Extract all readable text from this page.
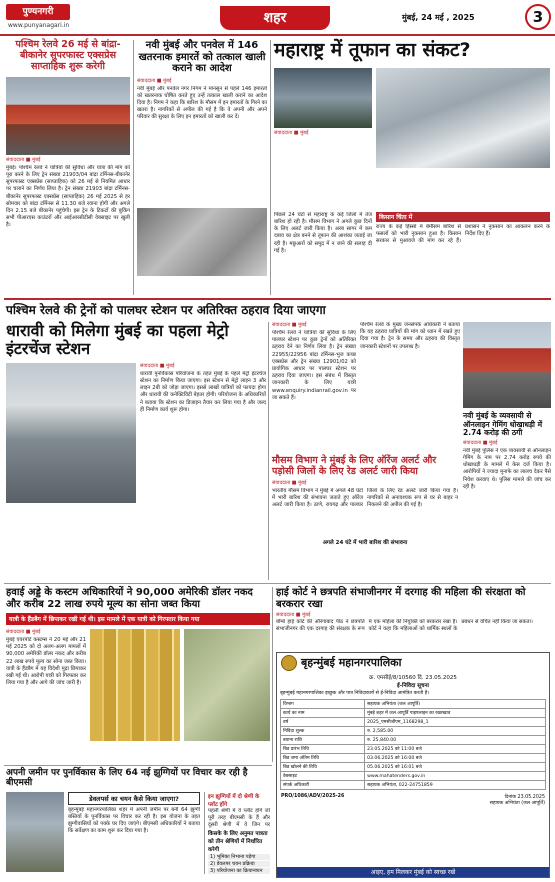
पुण्यनगरी
www.punyanagari.in	शहर	मुंबई, 24 मई , 2025	3
पश्चिम रेलवे 26 मई से बांद्रा-बीकानेर सुपरफास्ट एक्सप्रेस साप्ताहिक शुरू करेगी
संवाददाता ■ मुंबई
मुंबई। पश्चिम रेलवे ने यात्रियों की सुविधा और यात्रा की मांग को पूरा करने के लिए ट्रेन संख्या 21903/04 बांद्रा टर्मिनस-बीकानेर सुपरफास्ट एक्सप्रेस (साप्ताहिक) को 26 मई से नियमित आधार पर चलाने का निर्णय लिया है। ट्रेन संख्या 21903 बांद्रा टर्मिनस-बीकानेर सुपरफास्ट एक्सप्रेस (साप्ताहिक) 26 मई 2025 से हर सोमवार को बांद्रा टर्मिनस से 11.30 बजे रवाना होगी और अगले दिन 2.15 बजे बीकानेर पहुंचेगी। इस ट्रेन के टिकटों की बुकिंग सभी पीआरएस काउंटरों और आईआरसीटीसी वेबसाइट पर खुली है।
नवी मुंबई और पनवेल में 146 खतरनाक इमारतें को तत्काल खाली कराने का आदेश
संवाददाता ■ मुंबई
नवी मुंबई और पनवेल नगर निगम ने मानसून से पहले 146 इमारतों को खतरनाक घोषित करते हुए उन्हें तत्काल खाली कराने का आदेश दिया है। निगम ने कहा कि बारिश के मौसम में इन इमारतों के गिरने का खतरा है। नागरिकों से अपील की गई है कि वे अपनी और अपने परिवार की सुरक्षा के लिए इन इमारतों को खाली कर दें।
महाराष्ट्र में तूफान का संकट?
संवाददाता ■ मुंबई
पिछले 24 घंटों से महाराष्ट्र के कई जिलों में तेज बारिश हो रही है। मौसम विभाग ने अगले कुछ दिनों के लिए अलर्ट जारी किया है। अरब सागर में कम दबाव का क्षेत्र बनने से तूफान की आशंका जताई जा रही है। मछुआरों को समुद्र में न जाने की सलाह दी गई है।
किसान चिंता में
राज्य के कई हिस्सों में बेमौसम बारिश से फसलों को भारी नुकसान हुआ है। किसान सरकार से मुआवजे की मांग कर रहे हैं। प्रशासन ने नुकसान का आकलन करने के निर्देश दिए हैं।
पश्चिम रेलवे की ट्रेनों को पालघर स्टेशन पर अतिरिक्त ठहराव दिया जाएगा
धारावी को मिलेगा मुंबई का पहला मेट्रो इंटरचेंज स्टेशन
संवाददाता ■ मुंबई
धारावी पुनर्विकास परियोजना के तहत मुंबई के पहले मेट्रो इंटरचेंज स्टेशन का निर्माण किया जाएगा। इस स्टेशन से मेट्रो लाइन 3 और लाइन 2बी को जोड़ा जाएगा। इससे लाखों यात्रियों को फायदा होगा और धारावी की कनेक्टिविटी बेहतर होगी। परियोजना के अधिकारियों ने बताया कि स्टेशन का डिजाइन तैयार कर लिया गया है और जल्द ही निर्माण कार्य शुरू होगा।
संवाददाता ■ मुंबई
पश्चिम रेलवे ने यात्रियों की सुविधा के लिए पालघर स्टेशन पर कुछ ट्रेनों को अतिरिक्त ठहराव देने का निर्णय लिया है। ट्रेन संख्या 22955/22956 बांद्रा टर्मिनस-भुज कच्छ एक्सप्रेस और ट्रेन संख्या 12901/02 को प्रायोगिक आधार पर पालघर स्टेशन पर ठहराव दिया जाएगा। इस संबंध में विस्तृत जानकारी के लिए यात्री www.enquiry.indianrail.gov.in पर जा सकते हैं।
पश्चिम रेलवे के मुख्य जनसंपर्क अधिकारी ने बताया कि यह ठहराव यात्रियों की मांग को ध्यान में रखते हुए दिया गया है। ट्रेन के समय और ठहराव की विस्तृत जानकारी स्टेशनों पर उपलब्ध है।
मौसम विभाग ने मुंबई के लिए ऑरेंज अलर्ट और पड़ोसी जिलों के लिए रेड अलर्ट जारी किया
संवाददाता ■ मुंबई
भारतीय मौसम विभाग ने मुंबई में अगले 48 घंटों में भारी बारिश की संभावना जताते हुए ऑरेंज अलर्ट जारी किया है। ठाणे, रायगढ़ और पालघर जिलों के लिए रेड अलर्ट जारी किया गया है। नागरिकों से अनावश्यक रूप से घर से बाहर न निकलने की अपील की गई है।
अगले 24 घंटे में भारी बारिश की संभावना
नवी मुंबई के व्यवसायी से ऑनलाइन गेमिंग धोखाधड़ी में 2.74 करोड़ की ठगी
संवाददाता ■ मुंबई
नवी मुंबई पुलिस ने एक व्यवसायी से ऑनलाइन गेमिंग के नाम पर 2.74 करोड़ रुपये की धोखाधड़ी के मामले में केस दर्ज किया है। आरोपियों ने ज्यादा मुनाफे का लालच देकर पैसे निवेश करवाए थे। पुलिस मामले की जांच कर रही है।
हवाई अड्डे के कस्टम अधिकारियों ने 90,000 अमेरिकी डॉलर नकद और करीब 22 लाख रुपये मूल्य का सोना जब्त किया
यात्री के हैंडबैग में छिपाकर रखी गई थी। इस मामले में एक यात्री को गिरफ्तार किया गया
संवाददाता ■ मुंबई
मुंबई एयरपोर्ट कस्टम्स ने 20 मई और 21 मई 2025 को दो अलग-अलग मामलों में 90,000 अमेरिकी डॉलर नकद और करीब 22 लाख रुपये मूल्य का सोना जब्त किया। यात्री के हैंडबैग में यह विदेशी मुद्रा छिपाकर रखी गई थी। आरोपी यात्री को गिरफ्तार कर लिया गया है और आगे की जांच जारी है।
हाई कोर्ट ने छत्रपति संभाजीनगर में दरगाह की महिला की संरक्षता को बरकरार रखा
संवाददाता ■ मुंबई
बॉम्बे हाई कोर्ट की औरंगाबाद पीठ ने छत्रपति संभाजीनगर की एक दरगाह की संरक्षक के रूप में एक महिला की नियुक्ति को बरकरार रखा है। कोर्ट ने कहा कि महिलाओं को धार्मिक स्थलों के प्रबंधन से वंचित नहीं किया जा सकता।
बृहन्मुंबई महानगरपालिका
क्र. एमसीई/8/10560 दि. 23.05.2025
ई-निविदा सूचना
बृहन्मुंबई महानगरपालिका इच्छुक और पात्र निविदाकारों से ई-निविदा आमंत्रित करती है।
विभाग	सहायक अभियंता (जल आपूर्ति)
कार्य का नाम	मुंबई शहर में जल आपूर्ति पाइपलाइन का रखरखाव
वर्ष	2025_एमसीजीएम_1168298_1
निविदा शुल्क	रु. 2,585.00
बयाना राशि	रु. 25,840.00
बिड प्रारंभ तिथि	23.05.2025 को 11:00 बजे
बिड जमा अंतिम तिथि	03.06.2025 को 16:00 बजे
बिड खोलने की तिथि	05.06.2025 को 16:01 बजे
वेबसाइट	www.mahatenders.gov.in
संपर्क अधिकारी	सहायक अभियंता, 022-24751859
PRO/1086/ADV/2025-26	दिनांक 23.05.2025
सहायक अभियंता (जल आपूर्ति)
आइए, हम मिलकर मुंबई को स्वच्छ रखें
अपनी जमीन पर पुनर्विकास के लिए 64 नई झुग्गियों पर विचार कर रही है बीएमसी
डेवलपर्स का चयन कैसे किया जाएगा?
बृहन्मुंबई महानगरपालिका शहर में अपनी जमीन पर बनी 64 झुग्गी बस्तियों के पुनर्विकास पर विचार कर रही है। इस योजना के तहत झुग्गीवासियों को पक्के घर दिए जाएंगे। बीएमसी अधिकारियों ने बताया कि सर्वेक्षण का काम शुरू कर दिया गया है।
इन झुग्गियों में दो श्रेणी के प्लॉट होंगे
पहली श्रेणी में वे प्लॉट होंगे जो पूरी तरह बीएमसी के हैं और दूसरी श्रेणी में वे जिन पर
किसके के लिए अनुमत पात्रता को तीन श्रेणियों में निर्धारित करेगी
1) भूमिका निभाना पड़ेगा
2) डेवलपर चयन प्रक्रिया
3) परियोजना का क्रियान्वयन
